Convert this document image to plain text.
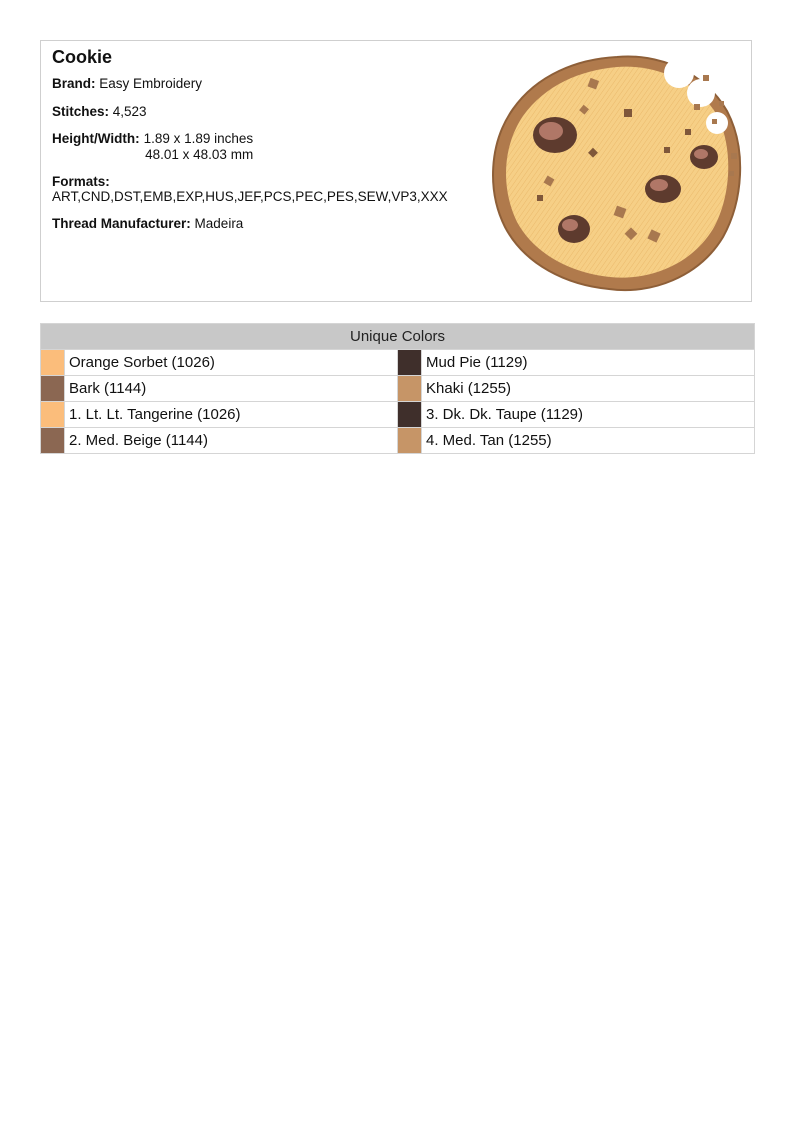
Cookie
Brand: Easy Embroidery
Stitches: 4,523
Height/Width: 1.89 x 1.89 inches
48.01 x 48.03 mm
Formats:
ART,CND,DST,EMB,EXP,HUS,JEF,PCS,PEC,PES,SEW,VP3,XXX
Thread Manufacturer: Madeira
Unique Colors			
	Orange Sorbet (1026)		Mud Pie (1129)
	Bark (1144)		Khaki (1255)
	1. Lt. Lt. Tangerine (1026)		3. Dk. Dk. Taupe (1129)
	2. Med. Beige (1144)		4. Med. Tan (1255)
